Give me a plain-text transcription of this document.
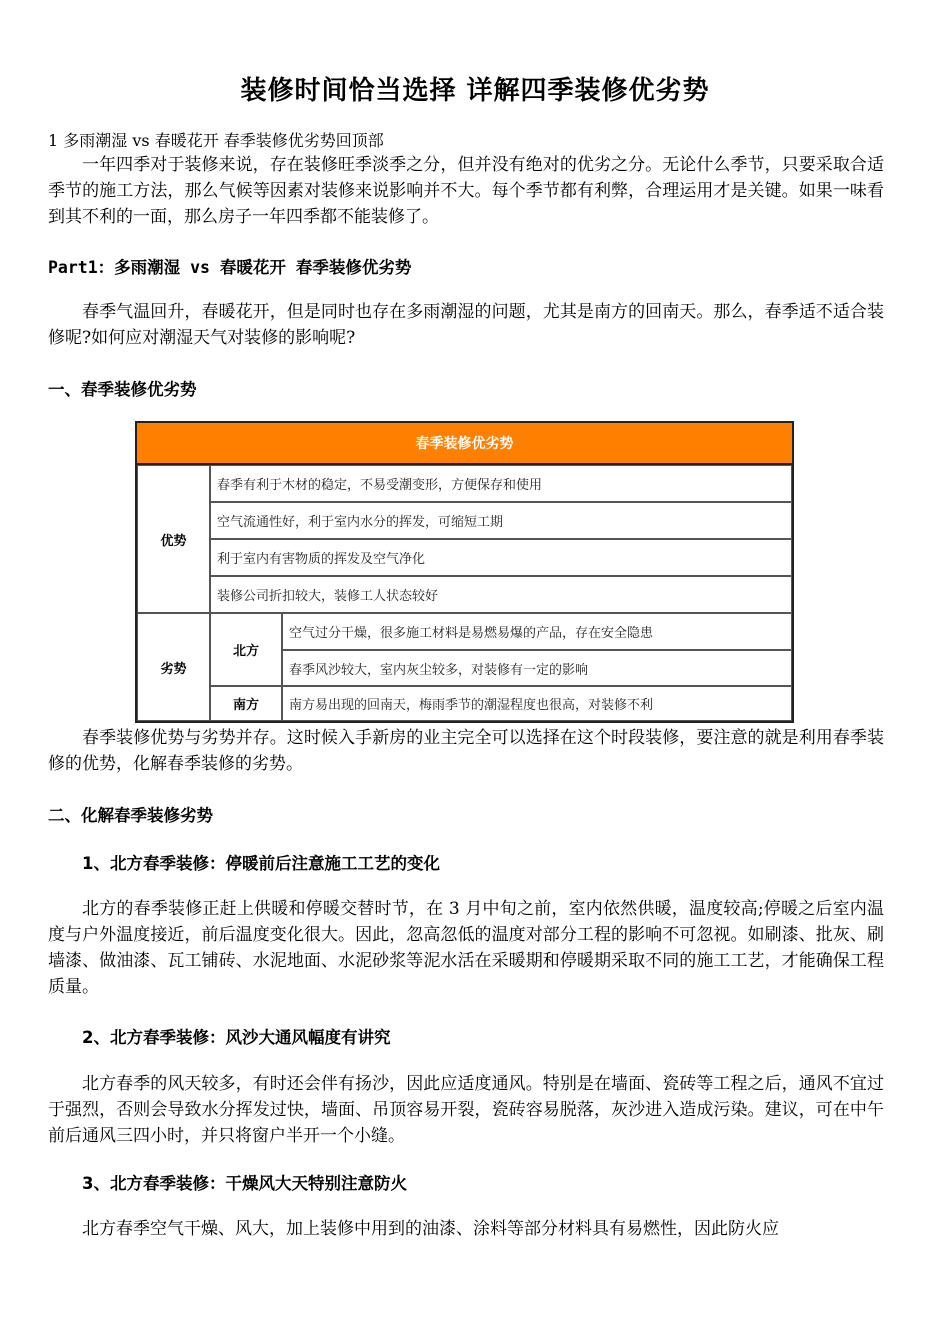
装修时间恰当选择 详解四季装修优劣势

1 多雨潮湿 vs 春暖花开 春季装修优劣势回顶部

一年四季对于装修来说，存在装修旺季淡季之分，但并没有绝对的优劣之分。无论什么季节，只要采取合适季节的施工方法，那么气候等因素对装修来说影响并不大。每个季节都有利弊，合理运用才是关键。如果一味看到其不利的一面，那么房子一年四季都不能装修了。

Part1：多雨潮湿 vs 春暖花开 春季装修优劣势

春季气温回升，春暖花开，但是同时也存在多雨潮湿的问题，尤其是南方的回南天。那么，春季适不适合装修呢?如何应对潮湿天气对装修的影响呢?

一、春季装修优劣势

春季装修优劣势
优势
春季有利于木材的稳定，不易受潮变形，方便保存和使用
空气流通性好，利于室内水分的挥发，可缩短工期
利于室内有害物质的挥发及空气净化
装修公司折扣较大，装修工人状态较好
劣势
北方
空气过分干燥，很多施工材料是易燃易爆的产品，存在安全隐患
春季风沙较大，室内灰尘较多，对装修有一定的影响
南方	南方易出现的回南天，梅雨季节的潮湿程度也很高，对装修不利

春季装修优势与劣势并存。这时候入手新房的业主完全可以选择在这个时段装修，要注意的就是利用春季装修的优势，化解春季装修的劣势。

二、化解春季装修劣势

1、北方春季装修：停暖前后注意施工工艺的变化

北方的春季装修正赶上供暖和停暖交替时节，在 3 月中旬之前，室内依然供暖，温度较高;停暖之后室内温度与户外温度接近，前后温度变化很大。因此，忽高忽低的温度对部分工程的影响不可忽视。如刷漆、批灰、刷墙漆、做油漆、瓦工铺砖、水泥地面、水泥砂浆等泥水活在采暖期和停暖期采取不同的施工工艺，才能确保工程质量。

2、北方春季装修：风沙大通风幅度有讲究

北方春季的风天较多，有时还会伴有扬沙，因此应适度通风。特别是在墙面、瓷砖等工程之后，通风不宜过于强烈，否则会导致水分挥发过快，墙面、吊顶容易开裂，瓷砖容易脱落，灰沙进入造成污染。建议，可在中午前后通风三四小时，并只将窗户半开一个小缝。

3、北方春季装修：干燥风大天特别注意防火

北方春季空气干燥、风大，加上装修中用到的油漆、涂料等部分材料具有易燃性，因此防火应
